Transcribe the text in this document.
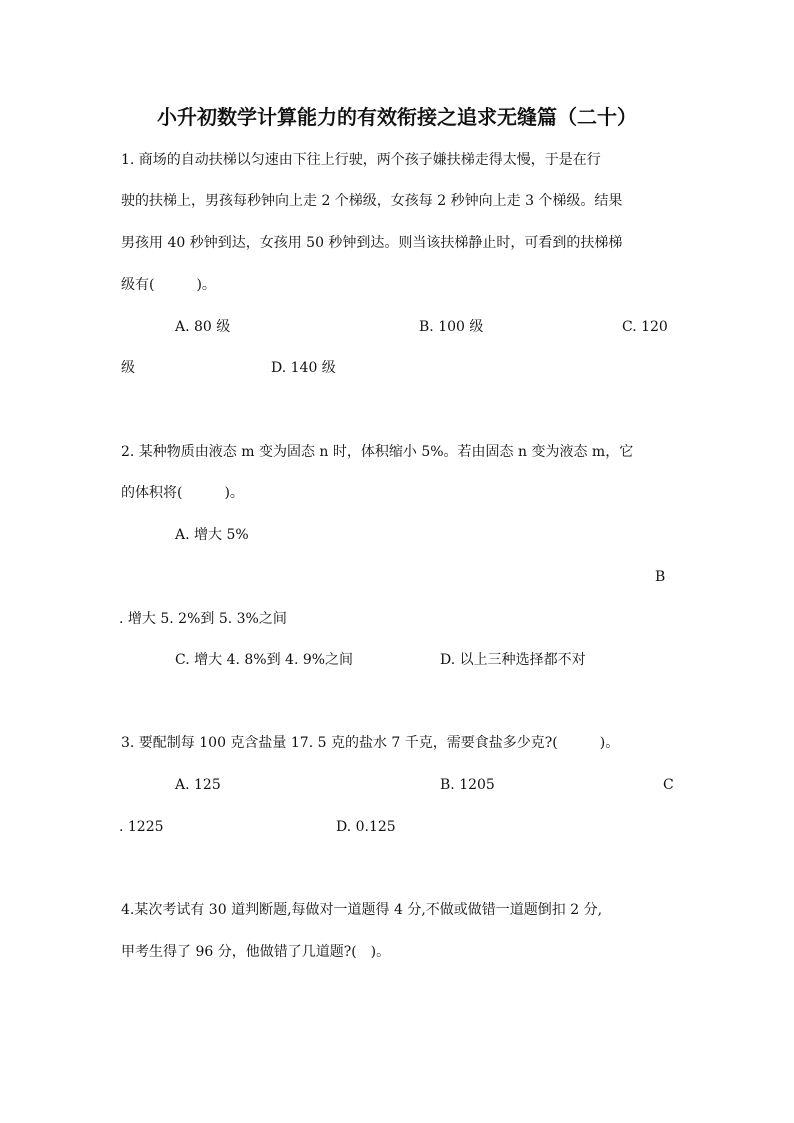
小升初数学计算能力的有效衔接之追求无缝篇（二十）
1. 商场的自动扶梯以匀速由下往上行驶，两个孩子嫌扶梯走得太慢，于是在行
驶的扶梯上，男孩每秒钟向上走 2 个梯级，女孩每 2 秒钟向上走 3 个梯级。结果
男孩用 40 秒钟到达，女孩用 50 秒钟到达。则当该扶梯静止时，可看到的扶梯梯
级有(　　　)。
A. 80 级	B. 100 级	C. 120
级	D. 140 级
2. 某种物质由液态 m 变为固态 n 时，体积缩小 5%。若由固态 n 变为液态 m，它
的体积将(　　　)。
A. 增大 5%
B
. 增大 5. 2%到 5. 3%之间
C. 增大 4. 8%到 4. 9%之间	D. 以上三种选择都不对
3. 要配制每 100 克含盐量 17. 5 克的盐水 7 千克，需要食盐多少克?(　　　)。
A. 125	B. 1205	C
. 1225	D. 0.125
4.某次考试有 30 道判断题,每做对一道题得 4 分,不做或做错一道题倒扣 2 分,
甲考生得了 96 分，他做错了几道题?(　)。
